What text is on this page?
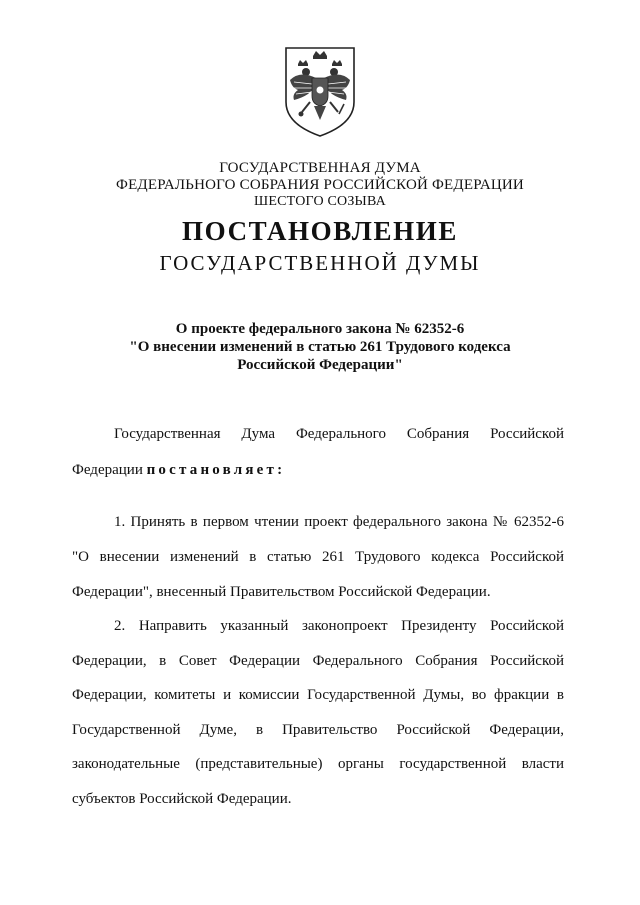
ГОСУДАРСТВЕННАЯ ДУМА
ФЕДЕРАЛЬНОГО СОБРАНИЯ РОССИЙСКОЙ ФЕДЕРАЦИИ
ШЕСТОГО СОЗЫВА
ПОСТАНОВЛЕНИЕ
ГОСУДАРСТВЕННОЙ ДУМЫ
О проекте федерального закона № 62352-6
"О внесении изменений в статью 261 Трудового кодекса
Российской Федерации"
Государственная Дума Федерального Собрания Российской
Федерации постановляет:
1. Принять в первом чтении проект федерального закона № 62352-6
"О внесении изменений в статью 261 Трудового кодекса Российской
Федерации", внесенный Правительством Российской Федерации.
2. Направить указанный законопроект Президенту Российской
Федерации, в Совет Федерации Федерального Собрания Российской
Федерации, комитеты и комиссии Государственной Думы, во фракции в
Государственной Думе, в Правительство Российской Федерации,
законодательные (представительные) органы государственной власти
субъектов Российской Федерации.
